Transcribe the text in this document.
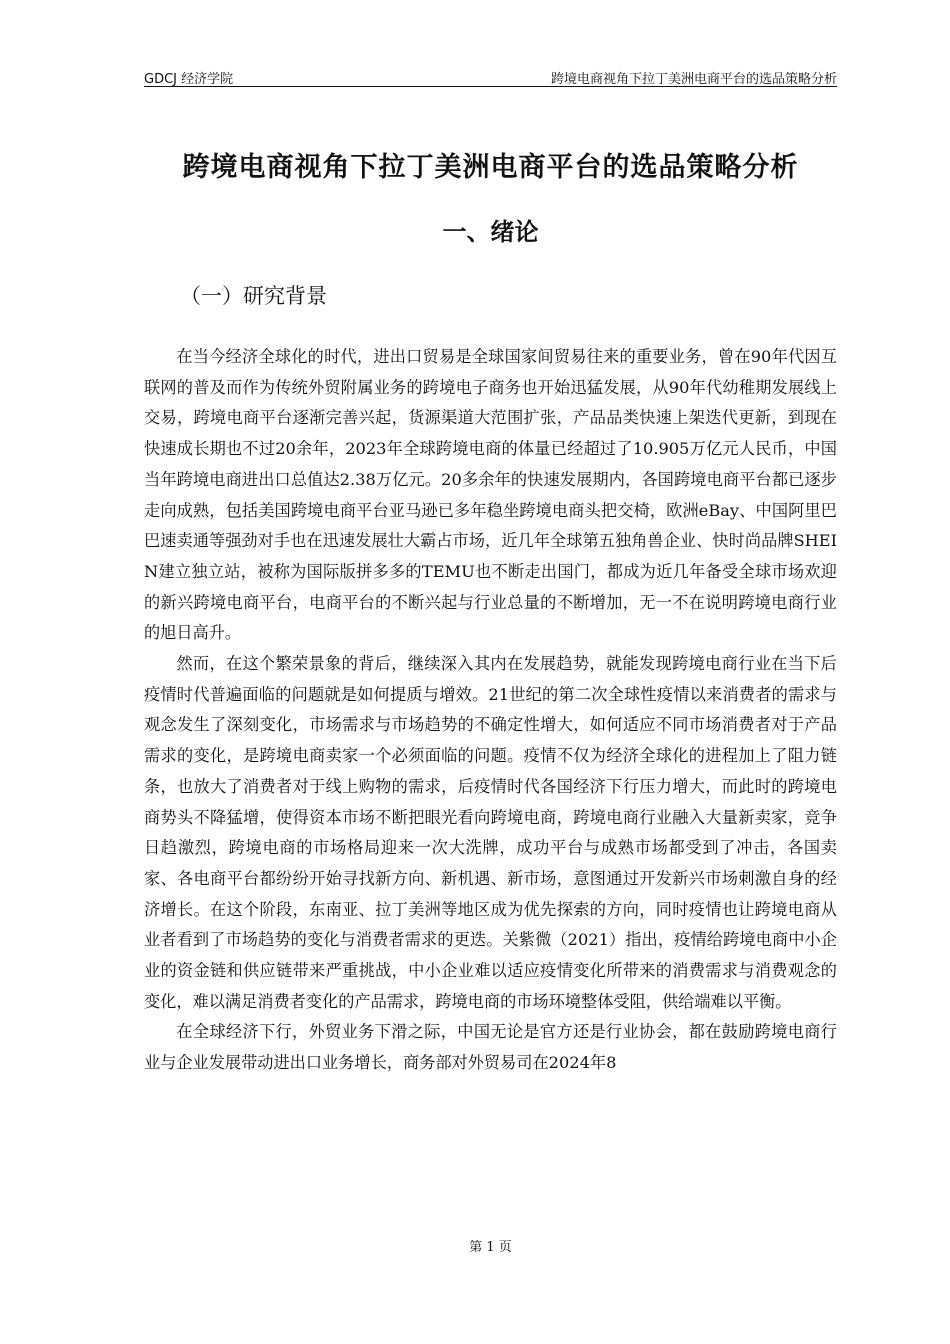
GDCJ 经济学院	跨境电商视角下拉丁美洲电商平台的选品策略分析
跨境电商视角下拉丁美洲电商平台的选品策略分析
一、绪论
（一）研究背景

在当今经济全球化的时代，进出口贸易是全球国家间贸易往来的重要业务，曾在90年代因互联网的普及而作为传统外贸附属业务的跨境电子商务也开始迅猛发展，从90年代幼稚期发展线上交易，跨境电商平台逐渐完善兴起，货源渠道大范围扩张，产品品类快速上架迭代更新，到现在快速成长期也不过20余年，2023年全球跨境电商的体量已经超过了10.905万亿元人民币，中国当年跨境电商进出口总值达2.38万亿元。20多余年的快速发展期内，各国跨境电商平台都已逐步走向成熟，包括美国跨境电商平台亚马逊已多年稳坐跨境电商头把交椅，欧洲eBay、中国阿里巴巴速卖通等强劲对手也在迅速发展壮大霸占市场，近几年全球第五独角兽企业、快时尚品牌SHEIN建立独立站，被称为国际版拼多多的TEMU也不断走出国门，都成为近几年备受全球市场欢迎的新兴跨境电商平台，电商平台的不断兴起与行业总量的不断增加，无一不在说明跨境电商行业的旭日高升。

然而，在这个繁荣景象的背后，继续深入其内在发展趋势，就能发现跨境电商行业在当下后疫情时代普遍面临的问题就是如何提质与增效。21世纪的第二次全球性疫情以来消费者的需求与观念发生了深刻变化，市场需求与市场趋势的不确定性增大，如何适应不同市场消费者对于产品需求的变化，是跨境电商卖家一个必须面临的问题。疫情不仅为经济全球化的进程加上了阻力链条，也放大了消费者对于线上购物的需求，后疫情时代各国经济下行压力增大，而此时的跨境电商势头不降猛增，使得资本市场不断把眼光看向跨境电商，跨境电商行业融入大量新卖家，竞争日趋激烈，跨境电商的市场格局迎来一次大洗牌，成功平台与成熟市场都受到了冲击，各国卖家、各电商平台都纷纷开始寻找新方向、新机遇、新市场，意图通过开发新兴市场刺激自身的经济增长。在这个阶段，东南亚、拉丁美洲等地区成为优先探索的方向，同时疫情也让跨境电商从业者看到了市场趋势的变化与消费者需求的更迭。关紫微（2021）指出，疫情给跨境电商中小企业的资金链和供应链带来严重挑战，中小企业难以适应疫情变化所带来的消费需求与消费观念的变化，难以满足消费者变化的产品需求，跨境电商的市场环境整体受阻，供给端难以平衡。

在全球经济下行，外贸业务下滑之际，中国无论是官方还是行业协会，都在鼓励跨境电商行业与企业发展带动进出口业务增长，商务部对外贸易司在2024年8

第 1 页
